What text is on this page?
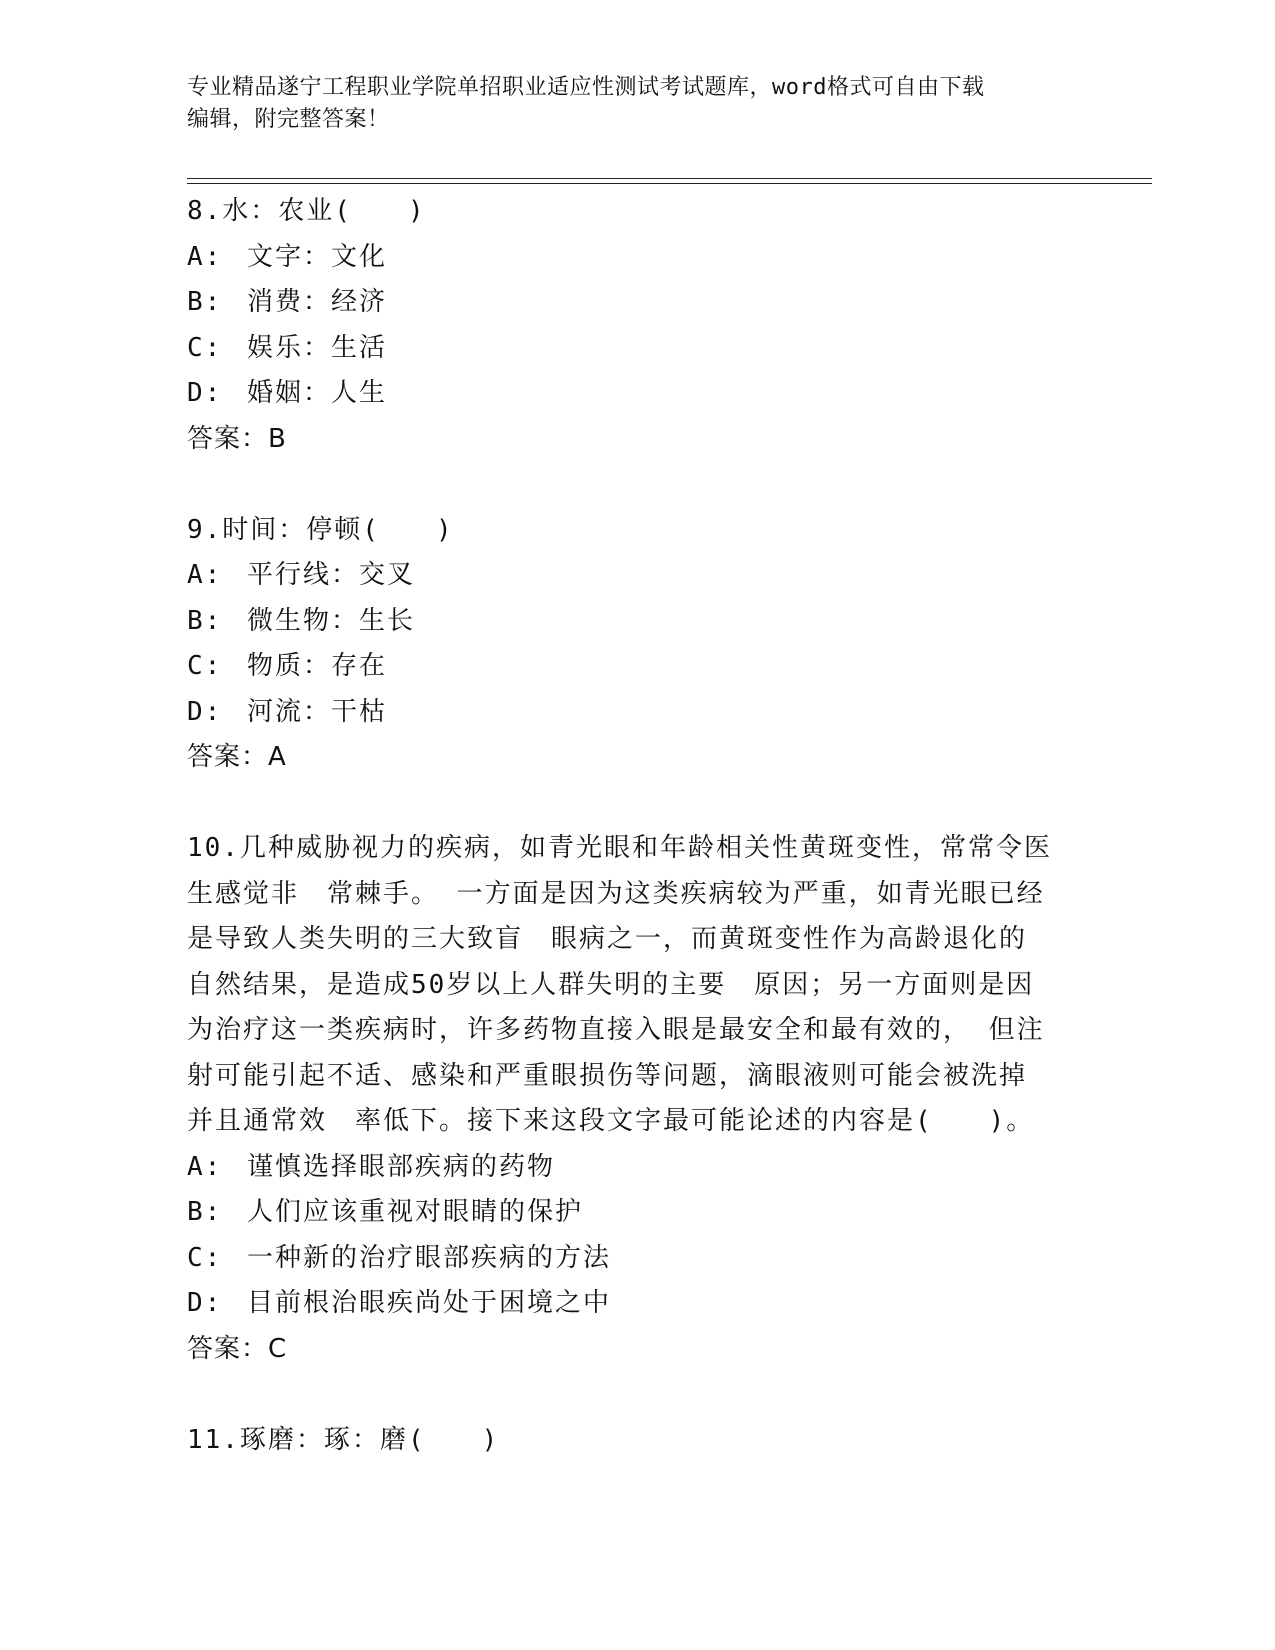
专业精品遂宁工程职业学院单招职业适应性测试考试题库，word格式可自由下载
编辑，附完整答案！
8.水：农业(　　)
A: 文字：文化
B: 消费：经济
C: 娱乐：生活
D: 婚姻：人生
答案：B
9.时间：停顿(　　)
A: 平行线：交叉
B: 微生物：生长
C: 物质：存在
D: 河流：干枯
答案：A
10.几种威胁视力的疾病，如青光眼和年龄相关性黄斑变性，常常令医
生感觉非　常棘手。 一方面是因为这类疾病较为严重，如青光眼已经
是导致人类失明的三大致盲　眼病之一，而黄斑变性作为高龄退化的
自然结果，是造成50岁以上人群失明的主要　原因；另一方面则是因
为治疗这一类疾病时，许多药物直接入眼是最安全和最有效的， 但注
射可能引起不适、感染和严重眼损伤等问题，滴眼液则可能会被洗掉
并且通常效　率低下。接下来这段文字最可能论述的内容是(　　)。
A: 谨慎选择眼部疾病的药物
B: 人们应该重视对眼睛的保护
C: 一种新的治疗眼部疾病的方法
D: 目前根治眼疾尚处于困境之中
答案：C
11.琢磨：琢：磨(　　)
